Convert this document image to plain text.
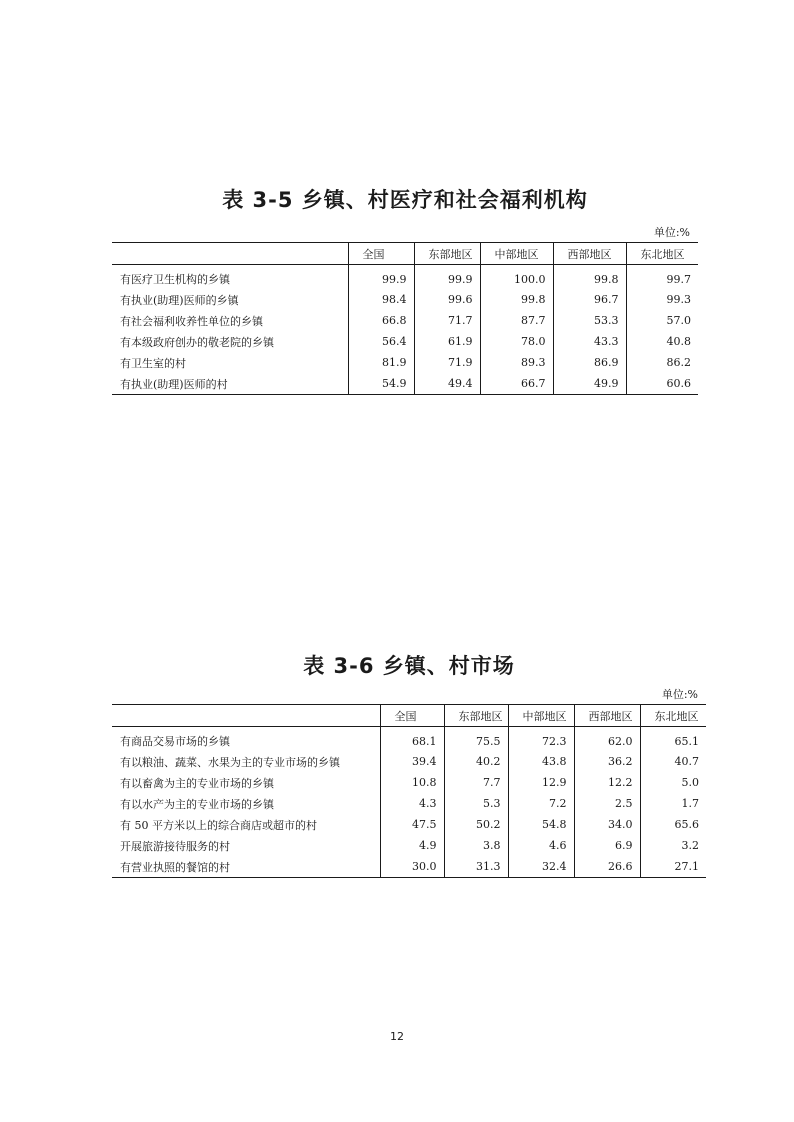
表 3-5 乡镇、村医疗和社会福利机构
单位:%
	全国	东部地区	中部地区	西部地区	东北地区
有医疗卫生机构的乡镇	99.9	99.9	100.0	99.8	99.7
有执业(助理)医师的乡镇	98.4	99.6	99.8	96.7	99.3
有社会福利收养性单位的乡镇	66.8	71.7	87.7	53.3	57.0
有本级政府创办的敬老院的乡镇	56.4	61.9	78.0	43.3	40.8
有卫生室的村	81.9	71.9	89.3	86.9	86.2
有执业(助理)医师的村	54.9	49.4	66.7	49.9	60.6
表 3-6 乡镇、村市场
单位:%
	全国	东部地区	中部地区	西部地区	东北地区
有商品交易市场的乡镇	68.1	75.5	72.3	62.0	65.1
有以粮油、蔬菜、水果为主的专业市场的乡镇	39.4	40.2	43.8	36.2	40.7
有以畜禽为主的专业市场的乡镇	10.8	7.7	12.9	12.2	5.0
有以水产为主的专业市场的乡镇	4.3	5.3	7.2	2.5	1.7
有 50 平方米以上的综合商店或超市的村	47.5	50.2	54.8	34.0	65.6
开展旅游接待服务的村	4.9	3.8	4.6	6.9	3.2
有营业执照的餐馆的村	30.0	31.3	32.4	26.6	27.1
12
